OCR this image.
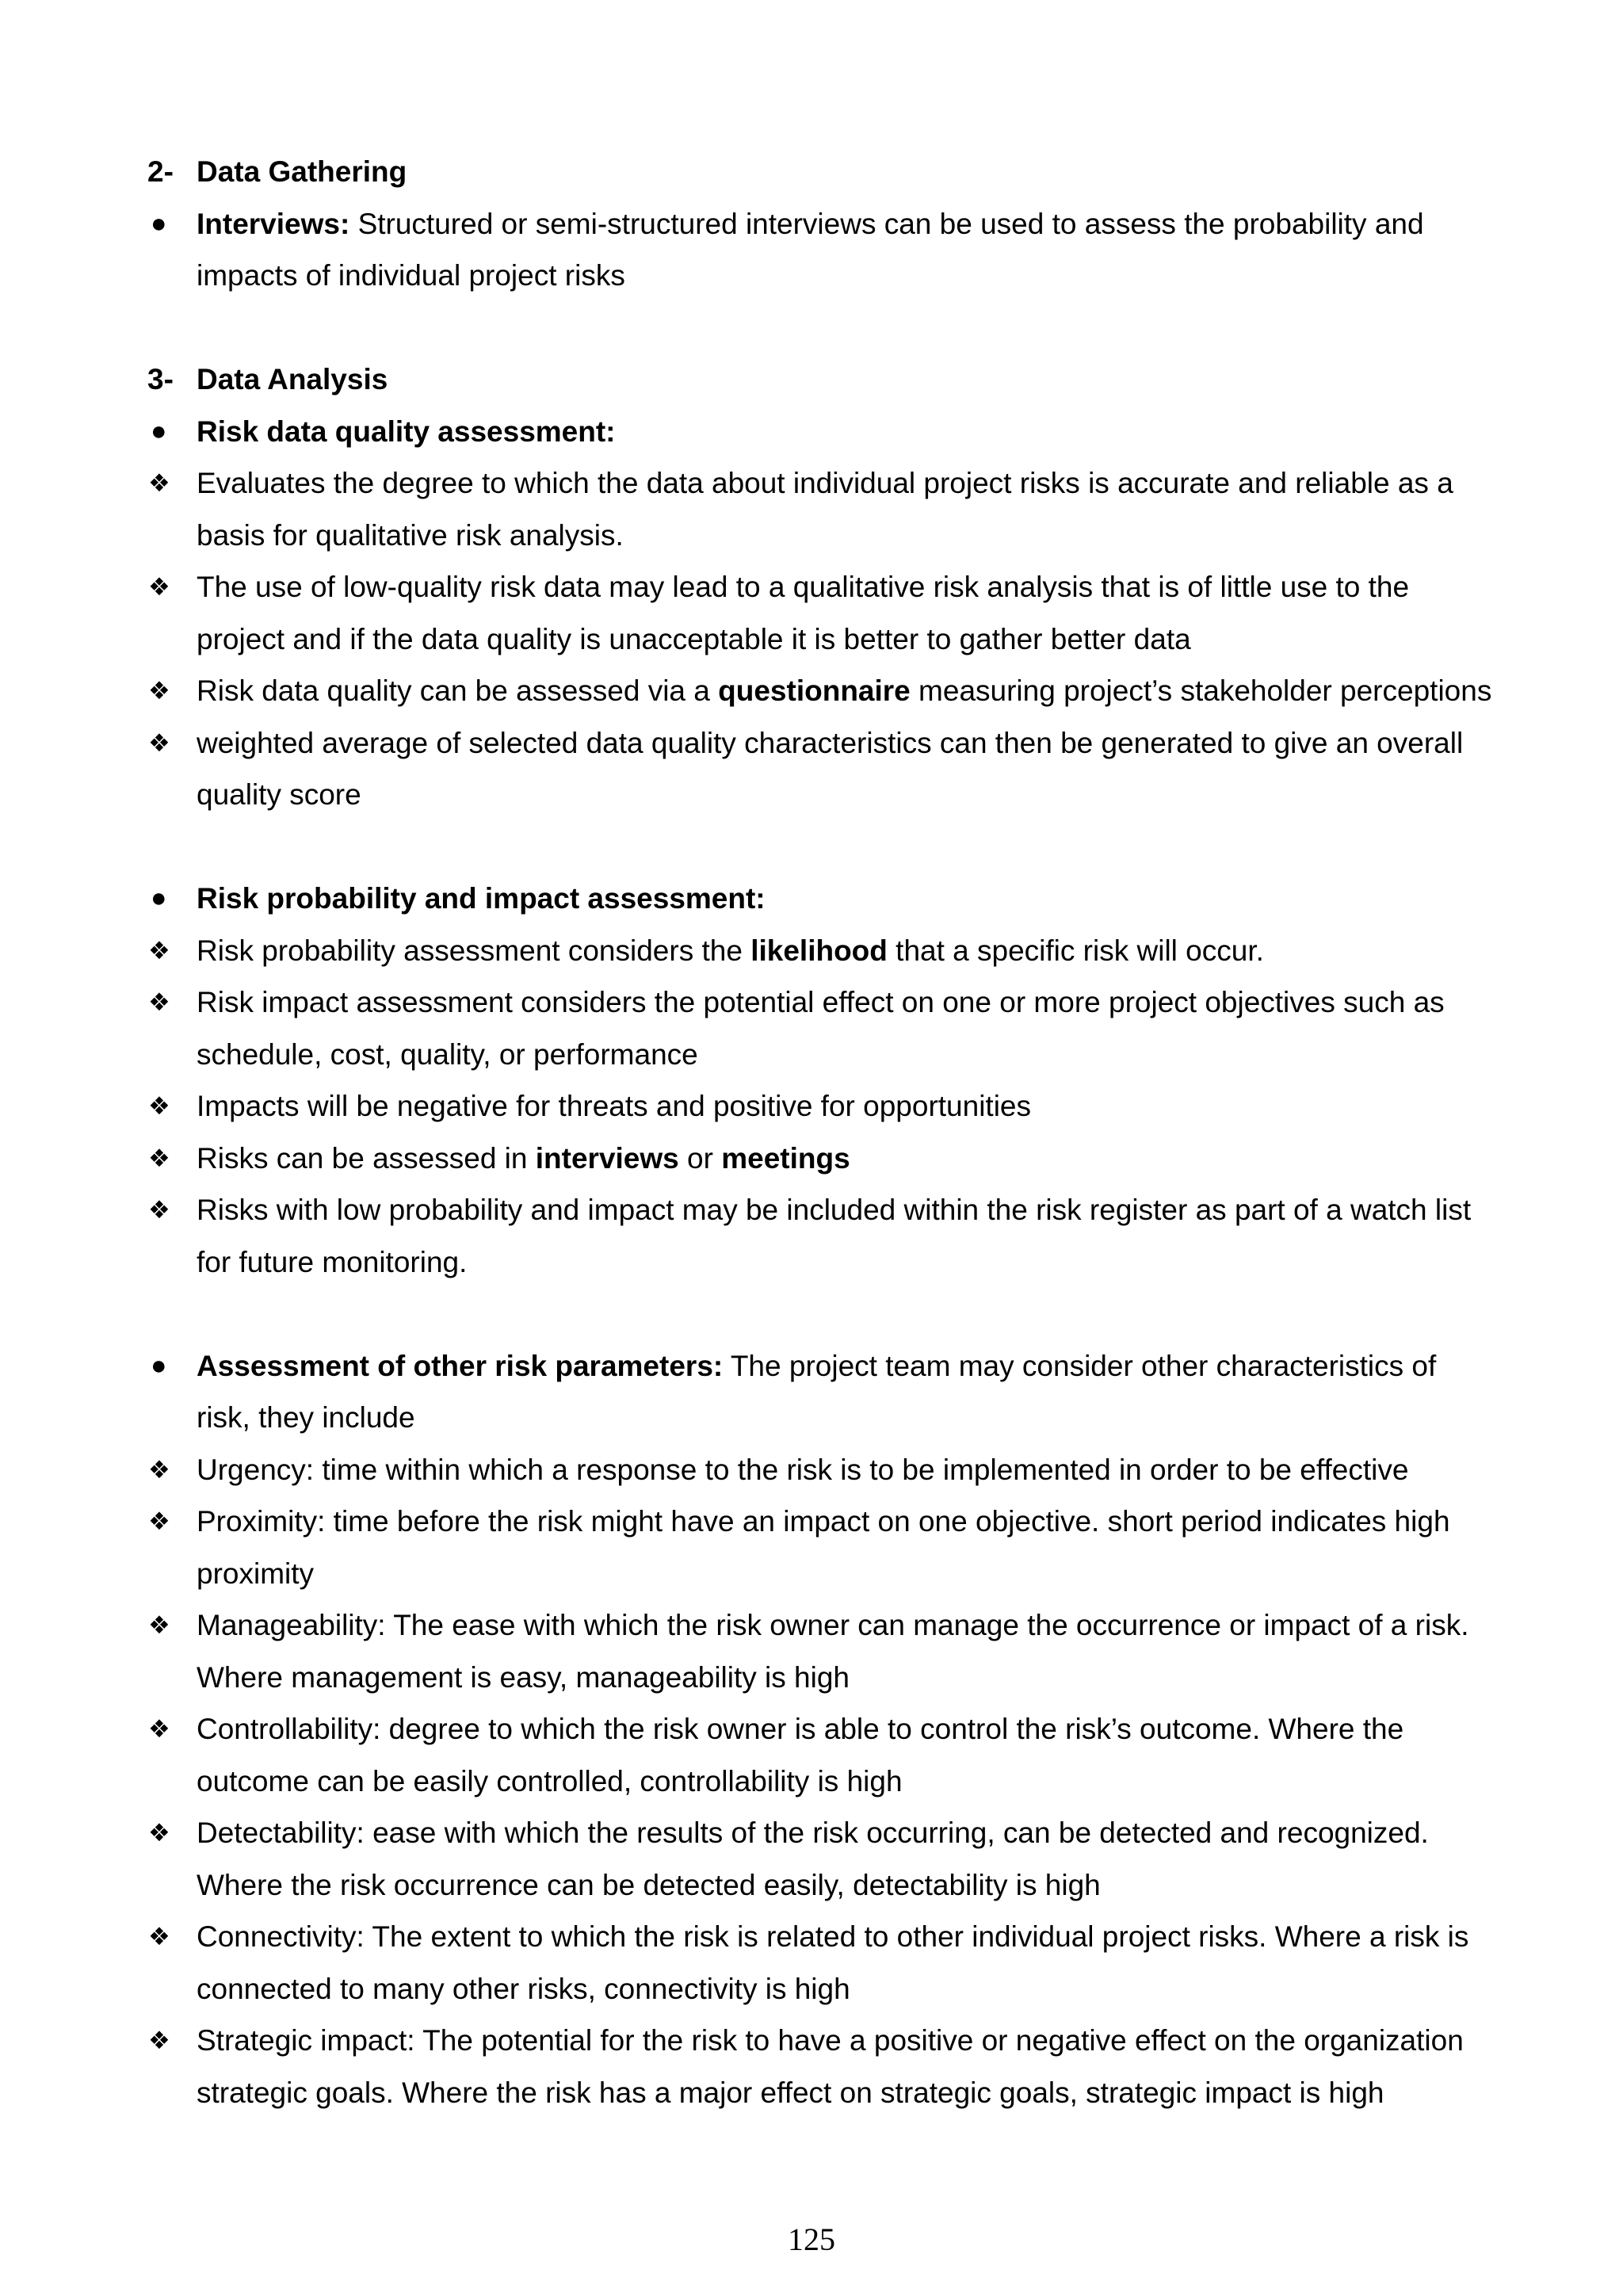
2- Data Gathering
●	Interviews: Structured or semi-structured interviews can be used to assess the probability and
impacts of individual project risks
3- Data Analysis
●	Risk data quality assessment:
❖ Evaluates the degree to which the data about individual project risks is accurate and reliable as a
basis for qualitative risk analysis.
❖ The use of low-quality risk data may lead to a qualitative risk analysis that is of little use to the
project and if the data quality is unacceptable it is better to gather better data
❖ Risk data quality can be assessed via a questionnaire measuring project’s stakeholder perceptions
❖ weighted average of selected data quality characteristics can then be generated to give an overall
quality score
●	Risk probability and impact assessment:
❖ Risk probability assessment considers the likelihood that a specific risk will occur.
❖ Risk impact assessment considers the potential effect on one or more project objectives such as
schedule, cost, quality, or performance
❖ Impacts will be negative for threats and positive for opportunities
❖ Risks can be assessed in interviews or meetings
❖ Risks with low probability and impact may be included within the risk register as part of a watch list
for future monitoring.
●	Assessment of other risk parameters: The project team may consider other characteristics of
risk, they include
❖ Urgency: time within which a response to the risk is to be implemented in order to be effective
❖ Proximity: time before the risk might have an impact on one objective. short period indicates high
proximity
❖ Manageability: The ease with which the risk owner can manage the occurrence or impact of a risk.
Where management is easy, manageability is high
❖ Controllability: degree to which the risk owner is able to control the risk’s outcome. Where the
outcome can be easily controlled, controllability is high
❖ Detectability: ease with which the results of the risk occurring, can be detected and recognized.
Where the risk occurrence can be detected easily, detectability is high
❖ Connectivity: The extent to which the risk is related to other individual project risks. Where a risk is
connected to many other risks, connectivity is high
❖ Strategic impact: The potential for the risk to have a positive or negative effect on the organization
strategic goals. Where the risk has a major effect on strategic goals, strategic impact is high
125
